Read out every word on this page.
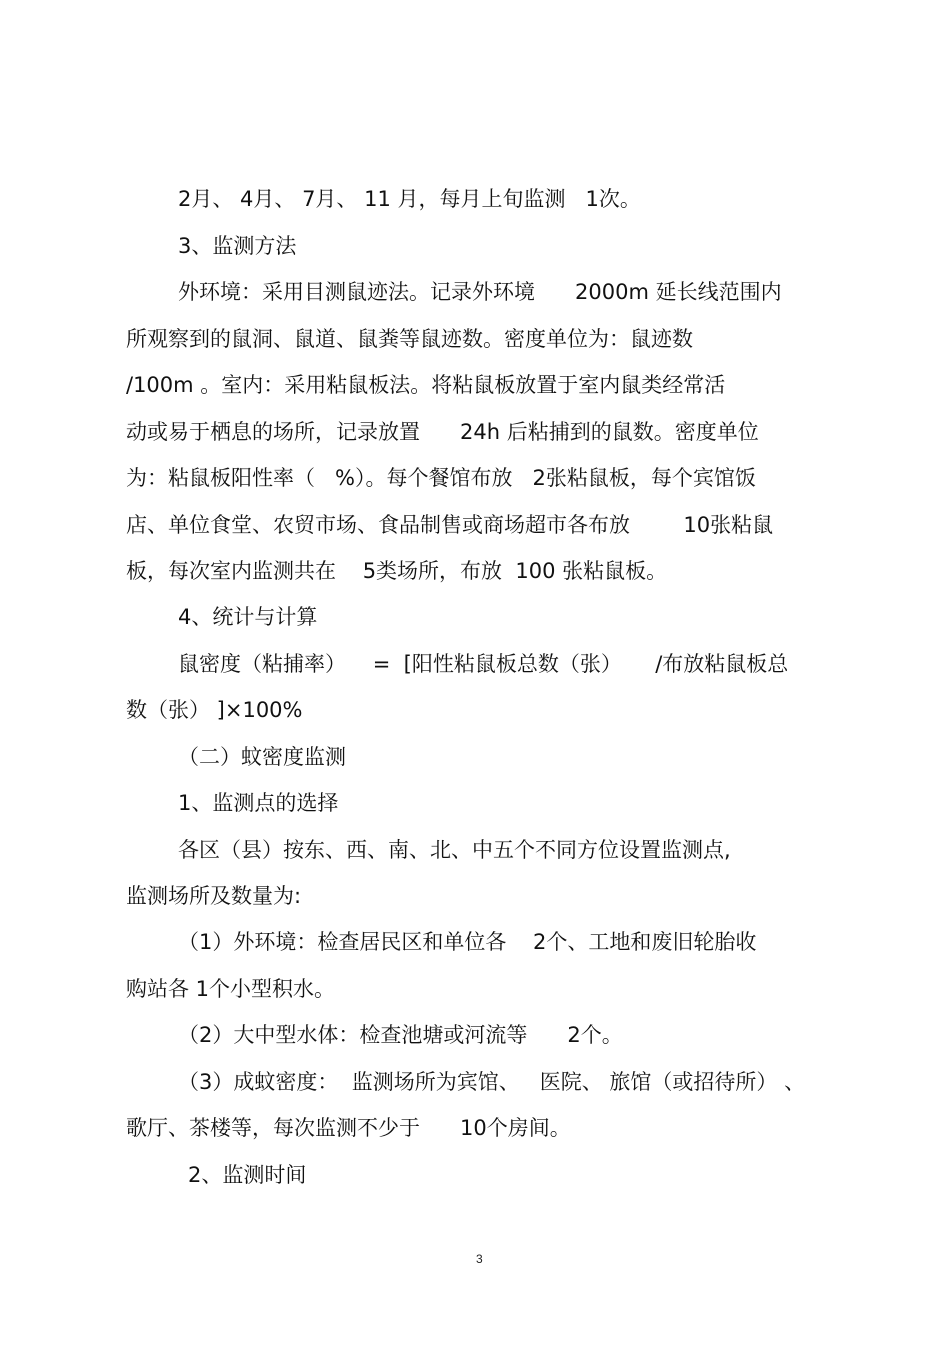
2月、 4月、 7月、 11 月，每月上旬监测   1次。

3、监测方法

外环境：采用目测鼠迹法。记录外环境      2000m 延长线范围内

所观察到的鼠洞、鼠道、鼠粪等鼠迹数。密度单位为：鼠迹数

/100m 。室内：采用粘鼠板法。将粘鼠板放置于室内鼠类经常活

动或易于栖息的场所，记录放置      24h 后粘捕到的鼠数。密度单位

为：粘鼠板阳性率（   %）。每个餐馆布放   2张粘鼠板，每个宾馆饭

店、单位食堂、农贸市场、食品制售或商场超市各布放        10张粘鼠

板，每次室内监测共在    5类场所，布放  100 张粘鼠板。

4、统计与计算

鼠密度（粘捕率）    =  [阳性粘鼠板总数（张）     /布放粘鼠板总

数（张） ]×100%

（二）蚊密度监测

1、监测点的选择

各区（县）按东、西、南、北、中五个不同方位设置监测点,

监测场所及数量为:

（1）外环境：检查居民区和单位各    2个、工地和废旧轮胎收

购站各 1个小型积水。

（2）大中型水体：检查池塘或河流等      2个。

（3）成蚊密度：  监测场所为宾馆、   医院、 旅馆（或招待所） 、

歌厅、茶楼等，每次监测不少于      10个房间。

2、监测时间

3
